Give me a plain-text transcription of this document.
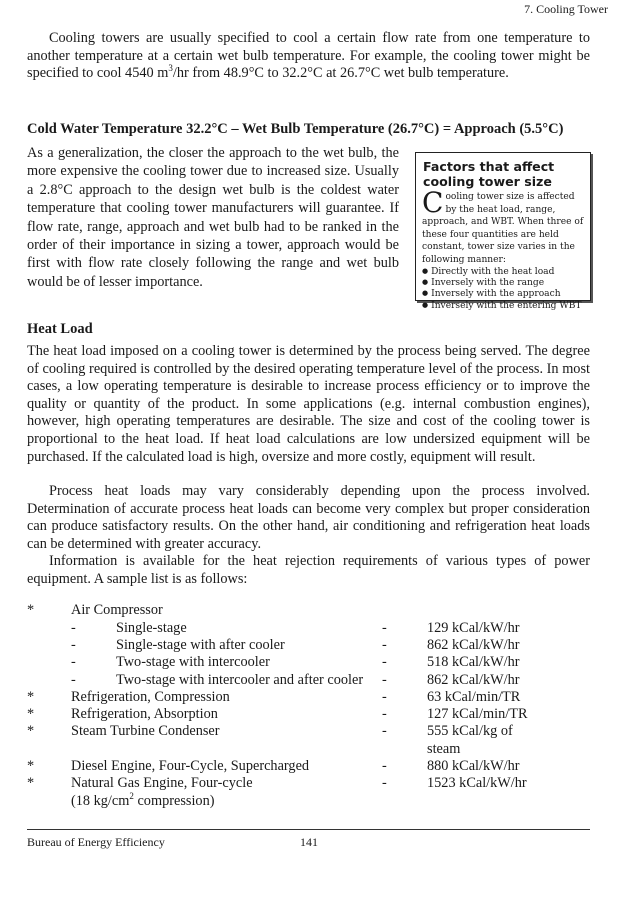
7. Cooling Tower
Cooling towers are usually specified to cool a certain flow rate from one temperature to another temperature at a certain wet bulb temperature. For example, the cooling tower might be specified to cool 4540 $m^3/hr$ from 48.9°C to 32.2°C at 26.7°C wet bulb temperature.
Cold Water Temperature 32.2°C – Wet Bulb Temperature (26.7°C) = Approach (5.5°C)
As a generalization, the closer the approach to the wet bulb, the more expensive the cooling tower due to increased size. Usually a 2.8°C approach to the design wet bulb is the coldest water temperature that cooling tower manufacturers will guarantee. If flow rate, range, approach and wet bulb had to be ranked in the order of their importance in sizing a tower, approach would be first with flow rate closely following the range and wet bulb would be of lesser importance.
Factors that affect cooling tower size
Cooling tower size is affected by the heat load, range, approach, and WBT. When three of these four quantities are held constant, tower size varies in the following manner:
● Directly with the heat load
● Inversely with the range
● Inversely with the approach
● Inversely with the entering WBT
Heat Load
The heat load imposed on a cooling tower is determined by the process being served. The degree of cooling required is controlled by the desired operating temperature level of the process. In most cases, a low operating temperature is desirable to increase process efficiency or to improve the quality or quantity of the product. In some applications (e.g. internal combustion engines), however, high operating temperatures are desirable. The size and cost of the cooling tower is proportional to the heat load. If heat load calculations are low undersized equipment will be purchased. If the calculated load is high, oversize and more costly, equipment will result.
Process heat loads may vary considerably depending upon the process involved. Determination of accurate process heat loads can become very complex but proper consideration can produce satisfactory results. On the other hand, air conditioning and refrigeration heat loads can be determined with greater accuracy.
Information is available for the heat rejection requirements of various types of power equipment. A sample list is as follows:
*	Air Compressor
-	Single-stage	-	129 kCal/kW/hr
-	Single-stage with after cooler	-	862 kCal/kW/hr
-	Two-stage with intercooler	-	518 kCal/kW/hr
-	Two-stage with intercooler and after cooler -	862 kCal/kW/hr
*	Refrigeration, Compression	-	63 kCal/min/TR
*	Refrigeration, Absorption	-	127 kCal/min/TR
*	Steam Turbine Condenser	-	555 kCal/kg of
steam
*	Diesel Engine, Four-Cycle, Supercharged	-	880 kCal/kW/hr
*	Natural Gas Engine, Four-cycle	-	1523 kCal/kW/hr
(18 $kg/cm^2$ compression)
Bureau of Energy Efficiency	141
